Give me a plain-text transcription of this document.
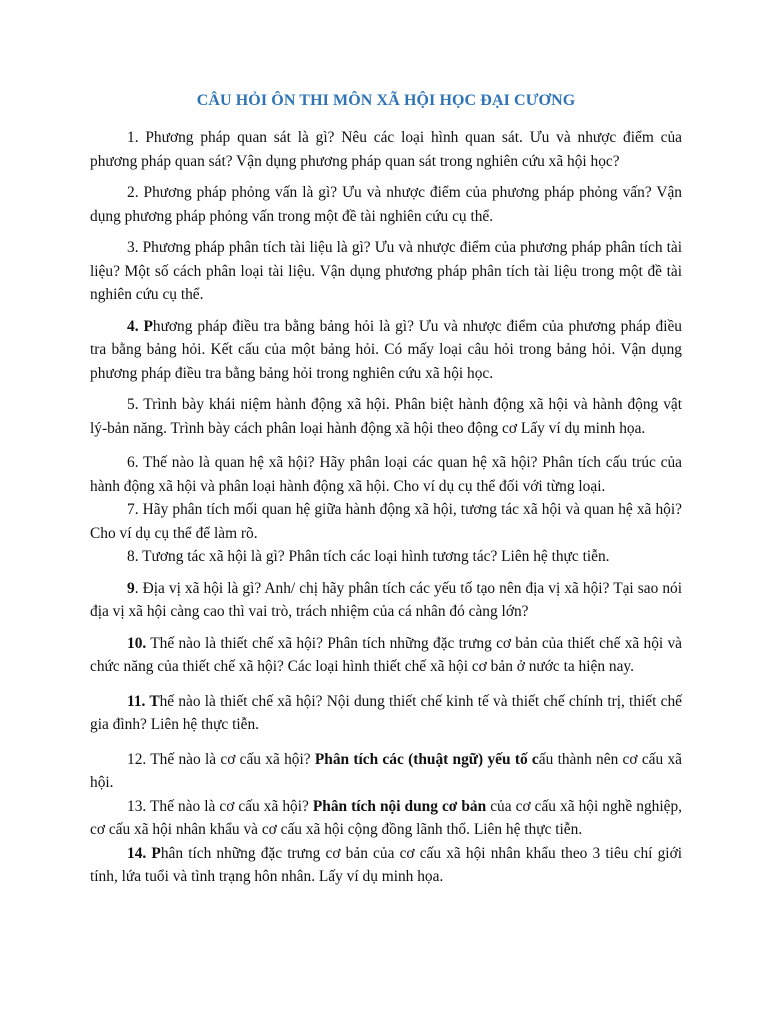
CÂU HỎI ÔN THI MÔN XÃ HỘI HỌC ĐẠI CƯƠNG

1. Phương pháp quan sát là gì? Nêu các loại hình quan sát. Ưu và nhược điểm của phương pháp quan sát? Vận dụng phương pháp quan sát trong nghiên cứu xã hội học?

2. Phương pháp phỏng vấn là gì? Ưu và nhược điểm của phương pháp phỏng vấn? Vận dụng phương pháp phỏng vấn trong một đề tài nghiên cứu cụ thể.

3. Phương pháp phân tích tài liệu là gì? Ưu và nhược điểm của phương pháp phân tích tài liệu? Một số cách phân loại tài liệu. Vận dụng phương pháp phân tích tài liệu trong một đề tài nghiên cứu cụ thể.

4. Phương pháp điều tra bằng bảng hỏi là gì? Ưu và nhược điểm của phương pháp điều tra bằng bảng hỏi. Kết cấu của một bảng hỏi. Có mấy loại câu hỏi trong bảng hỏi. Vận dụng phương pháp điều tra bằng bảng hỏi trong nghiên cứu xã hội học.

5. Trình bày khái niệm hành động xã hội. Phân biệt hành động xã hội và hành động vật lý-bản năng. Trình bày cách phân loại hành động xã hội theo động cơ Lấy ví dụ minh họa.

6. Thế nào là quan hệ xã hội? Hãy phân loại các quan hệ xã hội? Phân tích cấu trúc của hành động xã hội và phân loại hành động xã hội. Cho ví dụ cụ thể đối với từng loại.

7. Hãy phân tích mối quan hệ giữa hành động xã hội, tương tác xã hội và quan hệ xã hội? Cho ví dụ cụ thể để làm rõ.

8. Tương tác xã hội là gì? Phân tích các loại hình tương tác? Liên hệ thực tiễn.

9. Địa vị xã hội là gì? Anh/ chị hãy phân tích các yếu tố tạo nên địa vị xã hội? Tại sao nói địa vị xã hội càng cao thì vai trò, trách nhiệm của cá nhân đó càng lớn?

10. Thế nào là thiết chế xã hội? Phân tích những đặc trưng cơ bản của thiết chế xã hội và chức năng của thiết chế xã hội? Các loại hình thiết chế xã hội cơ bản ở nước ta hiện nay.

11. Thế nào là thiết chế xã hội? Nội dung thiết chế kinh tế và thiết chế chính trị, thiết chế gia đình? Liên hệ thực tiễn.

12. Thế nào là cơ cấu xã hội? Phân tích các (thuật ngữ) yếu tố cấu thành nên cơ cấu xã hội.

13. Thế nào là cơ cấu xã hội? Phân tích nội dung cơ bản của cơ cấu xã hội nghề nghiệp, cơ cấu xã hội nhân khẩu và cơ cấu xã hội cộng đồng lãnh thổ. Liên hệ thực tiễn.

14. Phân tích những đặc trưng cơ bản của cơ cấu xã hội nhân khẩu theo 3 tiêu chí giới tính, lứa tuổi và tình trạng hôn nhân. Lấy ví dụ minh họa.
